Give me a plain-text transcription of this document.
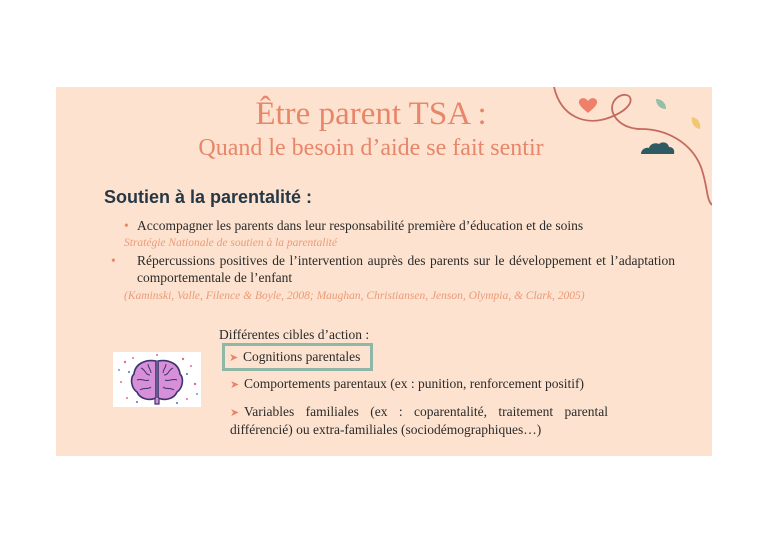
Être parent TSA :
Quand le besoin d’aide se fait sentir
Soutien à la parentalité :
• Accompagner les parents dans leur responsabilité première d’éducation et de soins
Stratégie Nationale de soutien à la parentalité
• Répercussions positives de l’intervention auprès des parents sur le développement et l’adaptation comportementale de l’enfant
(Kaminski, Valle, Filence & Boyle, 2008; Maughan, Christiansen, Jenson, Olympia, & Clark, 2005)
Différentes cibles d’action :
➤ Cognitions parentales
➤ Comportements parentaux (ex : punition, renforcement positif)
➤ Variables familiales (ex : coparentalité, traitement parental différencié) ou extra-familiales (sociodémographiques…)
